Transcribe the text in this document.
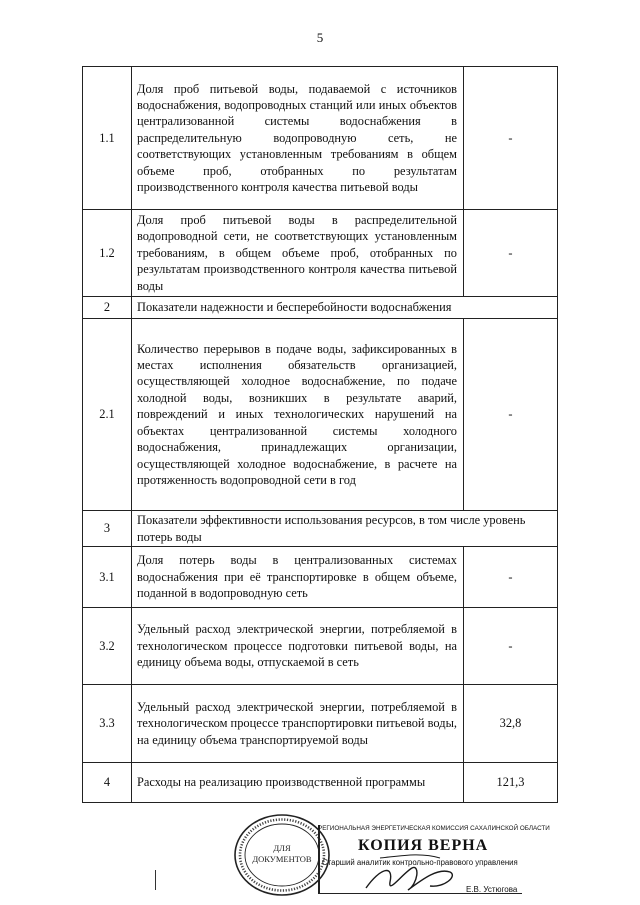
5
1.1	Доля проб питьевой воды, подаваемой с источников водоснабжения, водопроводных станций или иных объектов централизованной системы водоснабжения в распределительную водопроводную сеть, не соответствующих установленным требованиям в общем объеме проб, отобранных по результатам производственного контроля качества питьевой воды	-
1.2	Доля проб питьевой воды в распределительной водопроводной сети, не соответствующих установленным требованиям, в общем объеме проб, отобранных по результатам производственного контроля качества питьевой воды	-
2	Показатели надежности и бесперебойности водоснабжения	
2.1	Количество перерывов в подаче воды, зафиксированных в местах исполнения обязательств организацией, осуществляющей холодное водоснабжение, по подаче холодной воды, возникших в результате аварий, повреждений и иных технологических нарушений на объектах централизованной системы холодного водоснабжения, принадлежащих организации, осуществляющей холодное водоснабжение, в расчете на протяженность водопроводной сети в год	-
3	Показатели эффективности использования ресурсов, в том числе уровень потерь воды	
3.1	Доля потерь воды в централизованных системах водоснабжения при её транспортировке в общем объеме, поданной в водопроводную сеть	-
3.2	Удельный расход электрической энергии, потребляемой в технологическом процессе подготовки питьевой воды, на единицу объема воды, отпускаемой в сеть	-
3.3	Удельный расход электрической энергии, потребляемой в технологическом процессе транспортировки питьевой воды, на единицу объема транспортируемой воды	32,8
4	Расходы на реализацию производственной программы	121,3
ДЛЯ
ДОКУМЕНТОВ
РЕГИОНАЛЬНАЯ ЭНЕРГЕТИЧЕСКАЯ КОМИССИЯ САХАЛИНСКОЙ ОБЛАСТИ
КОПИЯ ВЕРНА
Старший аналитик контрольно-правового управления
Е.В. Устюгова
